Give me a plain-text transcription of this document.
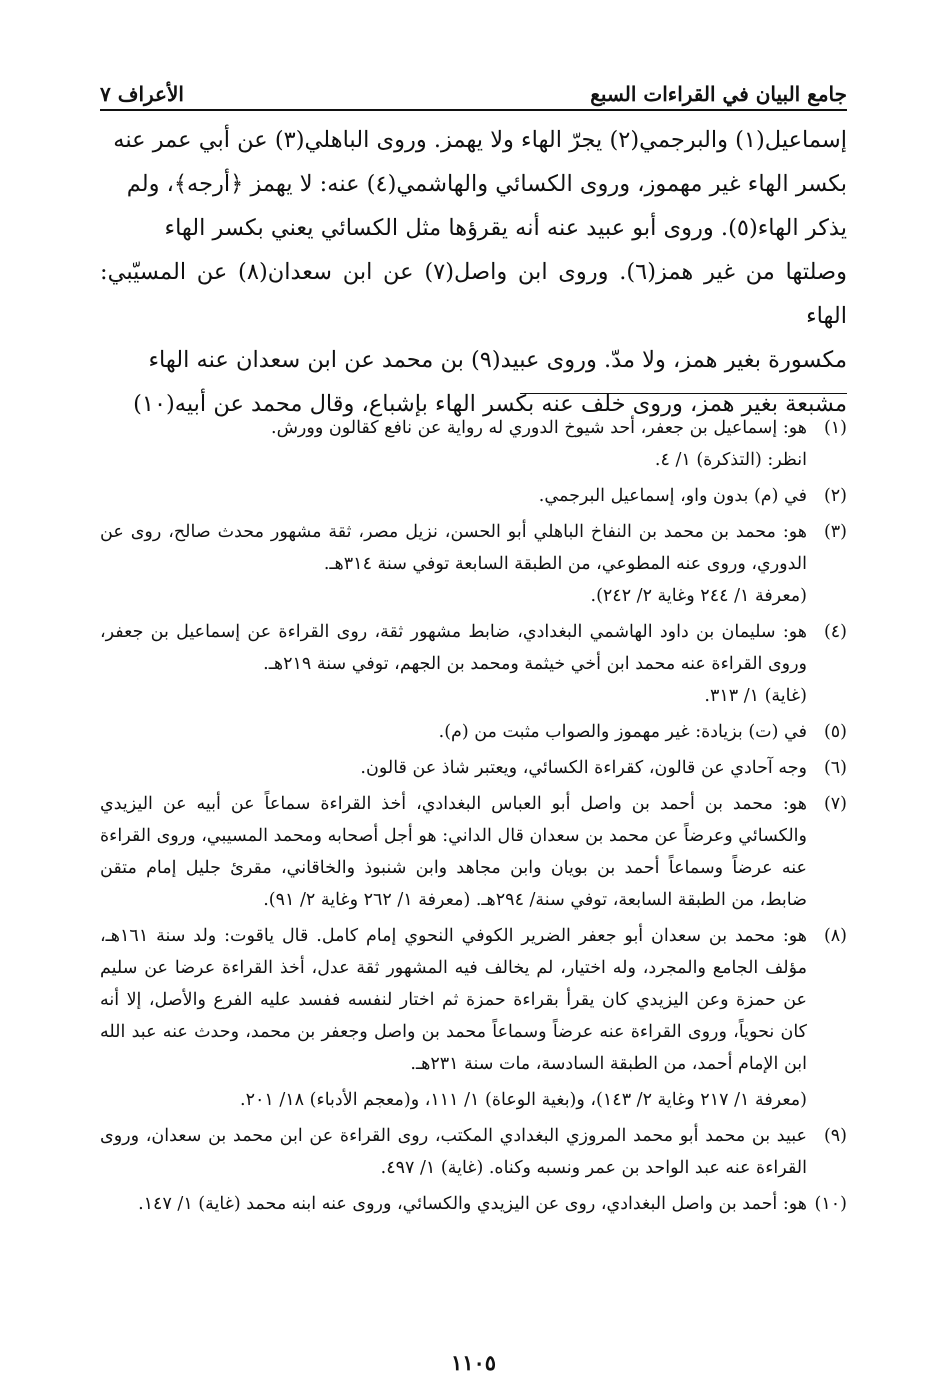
جامع البيان في القراءات السبع
الأعراف ٧

إسماعيل(١) والبرجمي(٢) يجرّ الهاء ولا يهمز. وروى الباهلي(٣) عن أبي عمر عنه

بكسر الهاء غير مهموز، وروى الكسائي والهاشمي(٤) عنه: لا يهمز ﴿أرجه﴾، ولم

يذكر الهاء(٥). وروى أبو عبيد عنه أنه يقرؤها مثل الكسائي يعني بكسر الهاء

وصلتها من غير همز(٦). وروى ابن واصل(٧) عن ابن سعدان(٨) عن المسيّبي: الهاء

مكسورة بغير همز، ولا مدّ. وروى عبيد(٩) بن محمد عن ابن سعدان عنه الهاء

مشبعة بغير همز، وروى خلف عنه بكسر الهاء بإشباع، وقال محمد عن أبيه(١٠)

(١)

هو: إسماعيل بن جعفر، أحد شيوخ الدوري له رواية عن نافع كقالون وورش.

انظر: (التذكرة) ١/ ٤.

(٢)

في (م) بدون واو، إسماعيل البرجمي.

(٣)

هو: محمد بن محمد بن النفاخ الباهلي أبو الحسن، نزيل مصر، ثقة مشهور محدث صالح، روى عن الدوري، وروى عنه المطوعي، من الطبقة السابعة توفي سنة ٣١٤هـ.

(معرفة ١/ ٢٤٤ وغاية ٢/ ٢٤٢).

(٤)

هو: سليمان بن داود الهاشمي البغدادي، ضابط مشهور ثقة، روى القراءة عن إسماعيل بن جعفر، وروى القراءة عنه محمد ابن أخي خيثمة ومحمد بن الجهم، توفي سنة ٢١٩هـ.

(غاية) ١/ ٣١٣.

(٥)

في (ت) بزيادة: غير مهموز والصواب مثبت من (م).

(٦)

وجه آحادي عن قالون، كقراءة الكسائي، ويعتبر شاذ عن قالون.

(٧)

هو: محمد بن أحمد بن واصل أبو العباس البغدادي، أخذ القراءة سماعاً عن أبيه عن اليزيدي والكسائي وعرضاً عن محمد بن سعدان قال الداني: هو أجل أصحابه ومحمد المسيبي، وروى القراءة عنه عرضاً وسماعاً أحمد بن بويان وابن مجاهد وابن شنبوذ والخاقاني، مقرئ جليل إمام متقن ضابط، من الطبقة السابعة، توفي سنة/ ٢٩٤هـ. (معرفة ١/ ٢٦٢ وغاية ٢/ ٩١).

(٨)

هو: محمد بن سعدان أبو جعفر الضرير الكوفي النحوي إمام كامل. قال ياقوت: ولد سنة ١٦١هـ، مؤلف الجامع والمجرد، وله اختيار، لم يخالف فيه المشهور ثقة عدل، أخذ القراءة عرضا عن سليم عن حمزة وعن اليزيدي كان يقرأ بقراءة حمزة ثم اختار لنفسه ففسد عليه الفرع والأصل، إلا أنه كان نحوياً، وروى القراءة عنه عرضاً وسماعاً محمد بن واصل وجعفر بن محمد، وحدث عنه عبد الله ابن الإمام أحمد، من الطبقة السادسة، مات سنة ٢٣١هـ.

(معرفة ١/ ٢١٧ وغاية ٢/ ١٤٣)، و(بغية الوعاة) ١/ ١١١، و(معجم الأدباء) ١٨/ ٢٠١.

(٩)

عبيد بن محمد أبو محمد المروزي البغدادي المكتب، روى القراءة عن ابن محمد بن سعدان، وروى القراءة عنه عبد الواحد بن عمر ونسبه وكناه. (غاية) ١/ ٤٩٧.

(١٠)

هو: أحمد بن واصل البغدادي، روى عن اليزيدي والكسائي، وروى عنه ابنه محمد (غاية) ١/ ١٤٧.

١١٠٥
